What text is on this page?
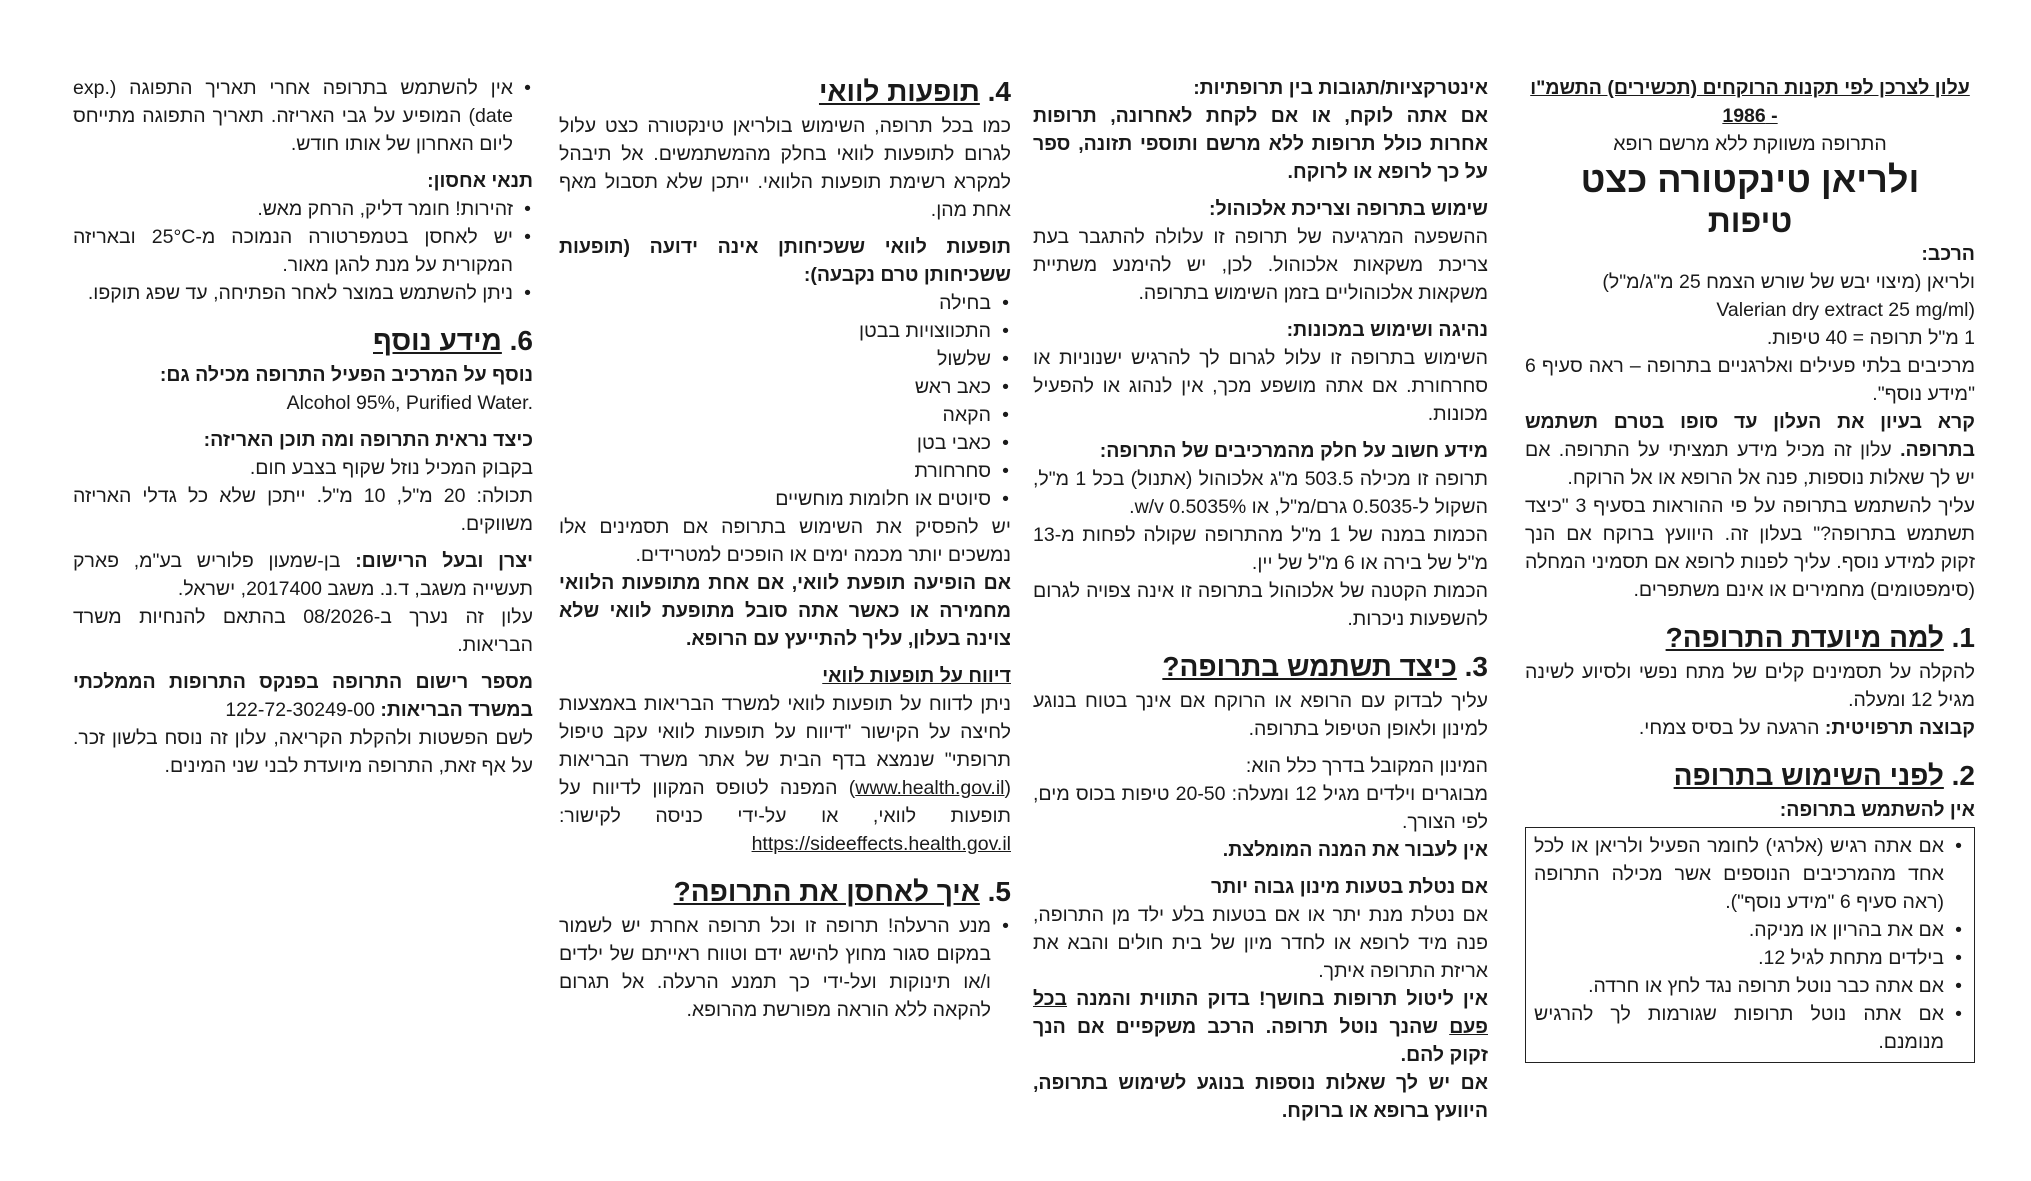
עלון לצרכן לפי תקנות הרוקחים (תכשירים) התשמ"ו - 1986

התרופה משווקת ללא מרשם רופא

ולריאן טינקטורה כצט
טיפות

הרכב:

ולריאן (מיצוי יבש של שורש הצמח 25 מ"ג/מ"ל)

Valerian dry extract 25 mg/ml)

1 מ"ל תרופה = 40 טיפות.

מרכיבים בלתי פעילים ואלרגניים בתרופה – ראה סעיף 6 "מידע נוסף".

קרא בעיון את העלון עד סופו בטרם תשתמש בתרופה. עלון זה מכיל מידע תמציתי על התרופה. אם יש לך שאלות נוספות, פנה אל הרופא או אל הרוקח.

עליך להשתמש בתרופה על פי ההוראות בסעיף 3 "כיצד תשתמש בתרופה?" בעלון זה. היוועץ ברוקח אם הנך זקוק למידע נוסף. עליך לפנות לרופא אם תסמיני המחלה (סימפטומים) מחמירים או אינם משתפרים.

1. למה מיועדת התרופה?

להקלה על תסמינים קלים של מתח נפשי ולסיוע לשינה מגיל 12 ומעלה.

קבוצה תרפויטית: הרגעה על בסיס צמחי.

2. לפני השימוש בתרופה

אין להשתמש בתרופה:

• אם אתה רגיש (אלרגי) לחומר הפעיל ולריאן או לכל אחד מהמרכיבים הנוספים אשר מכילה התרופה (ראה סעיף 6 "מידע נוסף").
• אם את בהריון או מניקה.
• בילדים מתחת לגיל 12.
• אם אתה כבר נוטל תרופה נגד לחץ או חרדה.
• אם אתה נוטל תרופות שגורמות לך להרגיש מנומנם.

אינטרקציות/תגובות בין תרופתיות:

אם אתה לוקח, או אם לקחת לאחרונה, תרופות אחרות כולל תרופות ללא מרשם ותוספי תזונה, ספר על כך לרופא או לרוקח.

שימוש בתרופה וצריכת אלכוהול:

ההשפעה המרגיעה של תרופה זו עלולה להתגבר בעת צריכת משקאות אלכוהול. לכן, יש להימנע משתיית משקאות אלכוהוליים בזמן השימוש בתרופה.

נהיגה ושימוש במכונות:

השימוש בתרופה זו עלול לגרום לך להרגיש ישנוניות או סחרחורת. אם אתה מושפע מכך, אין לנהוג או להפעיל מכונות.

מידע חשוב על חלק מהמרכיבים של התרופה:

תרופה זו מכילה 503.5 מ"ג אלכוהול (אתנול) בכל 1 מ"ל, השקול ל-0.5035 גרם/מ"ל, או 0.5035% w/v.

הכמות במנה של 1 מ"ל מהתרופה שקולה לפחות מ-13 מ"ל של בירה או 6 מ"ל של יין.

הכמות הקטנה של אלכוהול בתרופה זו אינה צפויה לגרום להשפעות ניכרות.

3. כיצד תשתמש בתרופה?

עליך לבדוק עם הרופא או הרוקח אם אינך בטוח בנוגע למינון ולאופן הטיפול בתרופה.

המינון המקובל בדרך כלל הוא:

מבוגרים וילדים מגיל 12 ומעלה: 20-50 טיפות בכוס מים, לפי הצורך.

אין לעבור את המנה המומלצת.

אם נטלת בטעות מינון גבוה יותר

אם נטלת מנת יתר או אם בטעות בלע ילד מן התרופה, פנה מיד לרופא או לחדר מיון של בית חולים והבא את אריזת התרופה איתך.

אין ליטול תרופות בחושך! בדוק התווית והמנה בכל פעם שהנך נוטל תרופה. הרכב משקפיים אם הנך זקוק להם.

אם יש לך שאלות נוספות בנוגע לשימוש בתרופה, היוועץ ברופא או ברוקח.

4. תופעות לוואי

כמו בכל תרופה, השימוש בולריאן טינקטורה כצט עלול לגרום לתופעות לוואי בחלק מהמשתמשים. אל תיבהל למקרא רשימת תופעות הלוואי. ייתכן שלא תסבול מאף אחת מהן.

תופעות לוואי ששכיחותן אינה ידועה (תופעות ששכיחותן טרם נקבעה):

• בחילה
• התכווצויות בבטן
• שלשול
• כאב ראש
• הקאה
• כאבי בטן
• סחרחורת
• סיוטים או חלומות מוחשיים

יש להפסיק את השימוש בתרופה אם תסמינים אלו נמשכים יותר מכמה ימים או הופכים למטרידים.

אם הופיעה תופעת לוואי, אם אחת מתופעות הלוואי מחמירה או כאשר אתה סובל מתופעת לוואי שלא צוינה בעלון, עליך להתייעץ עם הרופא.

דיווח על תופעות לוואי

ניתן לדווח על תופעות לוואי למשרד הבריאות באמצעות לחיצה על הקישור "דיווח על תופעות לוואי עקב טיפול תרופתי" שנמצא בדף הבית של אתר משרד הבריאות (www.health.gov.il) המפנה לטופס המקוון לדיווח על תופעות לוואי, או על-ידי כניסה לקישור: https://sideeffects.health.gov.il

5. איך לאחסן את התרופה?
• מנע הרעלה! תרופה זו וכל תרופה אחרת יש לשמור במקום סגור מחוץ להישג ידם וטווח ראייתם של ילדים ו/או תינוקות ועל-ידי כך תמנע הרעלה. אל תגרום להקאה ללא הוראה מפורשת מהרופא.
• אין להשתמש בתרופה אחרי תאריך התפוגה (exp. date) המופיע על גבי האריזה. תאריך התפוגה מתייחס ליום האחרון של אותו חודש.

תנאי אחסון:

• זהירות! חומר דליק, הרחק מאש.
• יש לאחסן בטמפרטורה הנמוכה מ-25°C ובאריזה המקורית על מנת להגן מאור.
• ניתן להשתמש במוצר לאחר הפתיחה, עד שפג תוקפו.
6. מידע נוסף

נוסף על המרכיב הפעיל התרופה מכילה גם:

Alcohol 95%, Purified Water.

כיצד נראית התרופה ומה תוכן האריזה:

בקבוק המכיל נוזל שקוף בצבע חום.

תכולה: 20 מ"ל, 10 מ"ל. ייתכן שלא כל גדלי האריזה משווקים.

יצרן ובעל הרישום: בן-שמעון פלוריש בע"מ, פארק תעשייה משגב, ד.נ. משגב 2017400, ישראל.

עלון זה נערך ב-08/2026 בהתאם להנחיות משרד הבריאות.

מספר רישום התרופה בפנקס התרופות הממלכתי במשרד הבריאות: 122-72-30249-00

לשם הפשטות ולהקלת הקריאה, עלון זה נוסח בלשון זכר. על אף זאת, התרופה מיועדת לבני שני המינים.
